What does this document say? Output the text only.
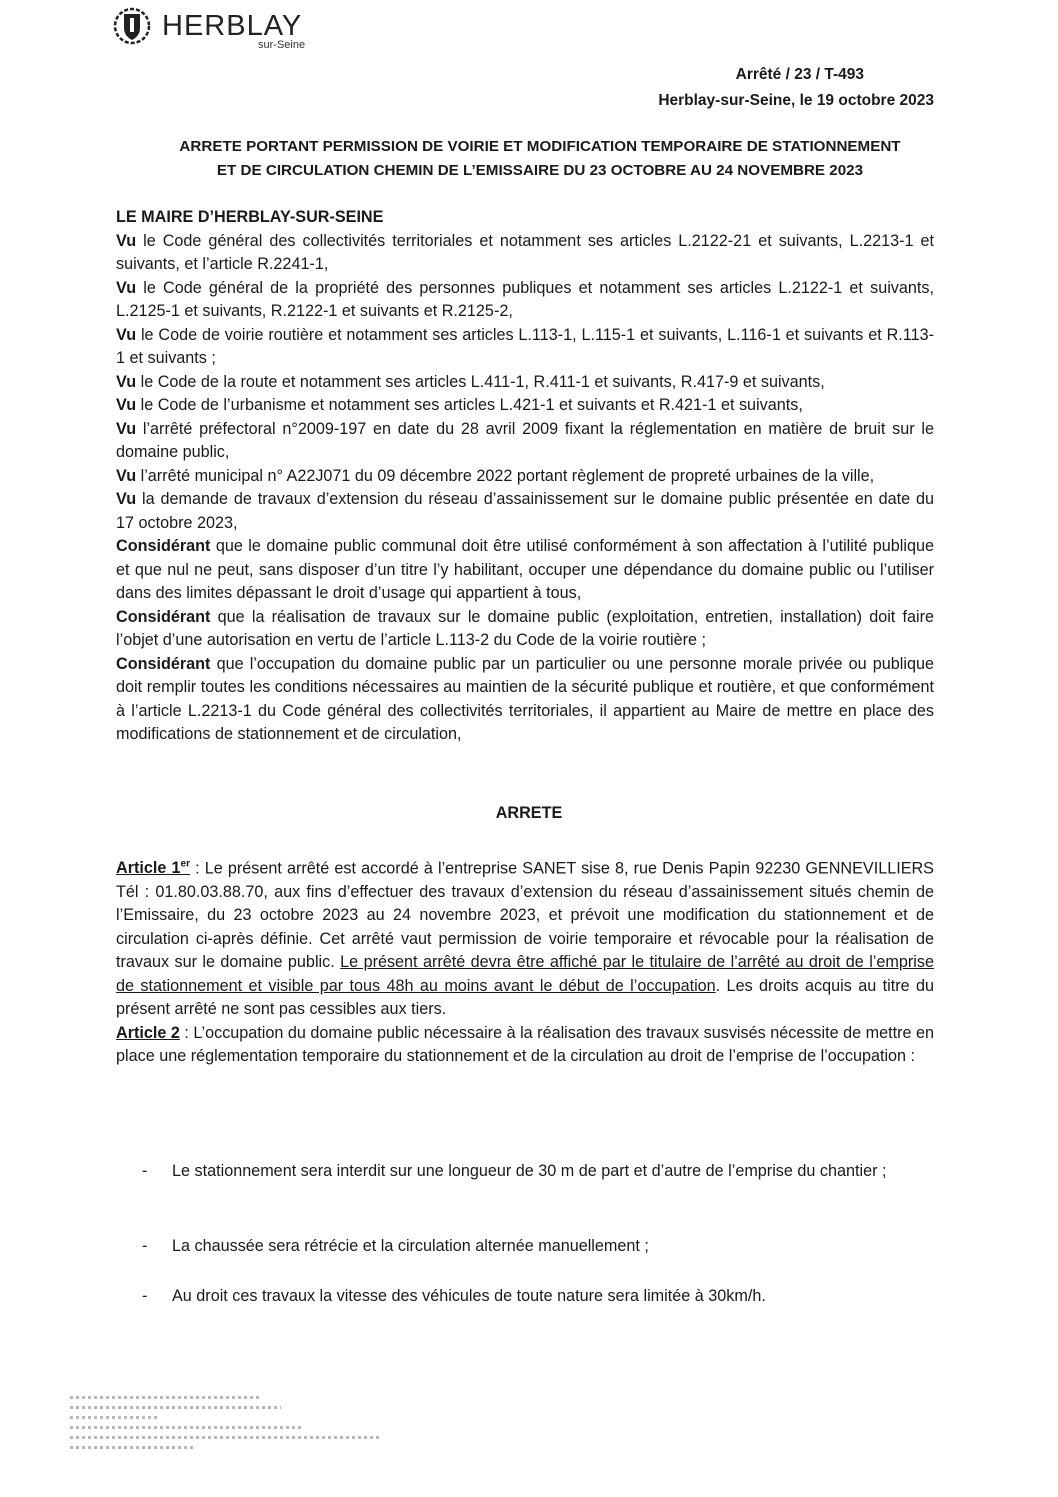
HERBLAY
sur-Seine
Arrêté / 23 / T-493
Herblay-sur-Seine, le 19 octobre 2023
ARRETE PORTANT PERMISSION DE VOIRIE ET MODIFICATION TEMPORAIRE DE STATIONNEMENT
ET DE CIRCULATION CHEMIN DE L’EMISSAIRE DU 23 OCTOBRE AU 24 NOVEMBRE 2023

LE MAIRE D’HERBLAY-SUR-SEINE

Vu le Code général des collectivités territoriales et notamment ses articles L.2122-21 et suivants, L.2213-1 et suivants, et l’article R.2241-1,

Vu le Code général de la propriété des personnes publiques et notamment ses articles L.2122-1 et suivants, L.2125-1 et suivants, R.2122-1 et suivants et R.2125-2,

Vu le Code de voirie routière et notamment ses articles L.113-1, L.115-1 et suivants, L.116-1 et suivants et R.113-1 et suivants ;

Vu le Code de la route et notamment ses articles L.411-1, R.411-1 et suivants, R.417-9 et suivants,

Vu le Code de l’urbanisme et notamment ses articles L.421-1 et suivants et R.421-1 et suivants,

Vu l’arrêté préfectoral n°2009-197 en date du 28 avril 2009 fixant la réglementation en matière de bruit sur le domaine public,

Vu l’arrêté municipal n° A22J071 du 09 décembre 2022 portant règlement de propreté urbaines de la ville,

Vu la demande de travaux d’extension du réseau d’assainissement sur le domaine public présentée en date du 17 octobre 2023,

Considérant que le domaine public communal doit être utilisé conformément à son affectation à l’utilité publique et que nul ne peut, sans disposer d’un titre l’y habilitant, occuper une dépendance du domaine public ou l’utiliser dans des limites dépassant le droit d’usage qui appartient à tous,

Considérant que la réalisation de travaux sur le domaine public (exploitation, entretien, installation) doit faire l’objet d’une autorisation en vertu de l’article L.113-2 du Code de la voirie routière ;

Considérant que l’occupation du domaine public par un particulier ou une personne morale privée ou publique doit remplir toutes les conditions nécessaires au maintien de la sécurité publique et routière, et que conformément à l’article L.2213-1 du Code général des collectivités territoriales, il appartient au Maire de mettre en place des modifications de stationnement et de circulation,

ARRETE

Article 1er : Le présent arrêté est accordé à l’entreprise SANET sise 8, rue Denis Papin 92230 GENNEVILLIERS Tél : 01.80.03.88.70, aux fins d’effectuer des travaux d’extension du réseau d’assainissement situés chemin de l’Emissaire, du 23 octobre 2023 au 24 novembre 2023, et prévoit une modification du stationnement et de circulation ci-après définie. Cet arrêté vaut permission de voirie temporaire et révocable pour la réalisation de travaux sur le domaine public. Le présent arrêté devra être affiché par le titulaire de l’arrêté au droit de l’emprise de stationnement et visible par tous 48h au moins avant le début de l’occupation. Les droits acquis au titre du présent arrêté ne sont pas cessibles aux tiers.

Article 2 : L’occupation du domaine public nécessaire à la réalisation des travaux susvisés nécessite de mettre en place une réglementation temporaire du stationnement et de la circulation au droit de l’emprise de l’occupation :

- Le stationnement sera interdit sur une longueur de 30 m de part et d’autre de l’emprise du chantier ;
- La chaussée sera rétrécie et la circulation alternée manuellement ;
- Au droit ces travaux la vitesse des véhicules de toute nature sera limitée à 30km/h.
